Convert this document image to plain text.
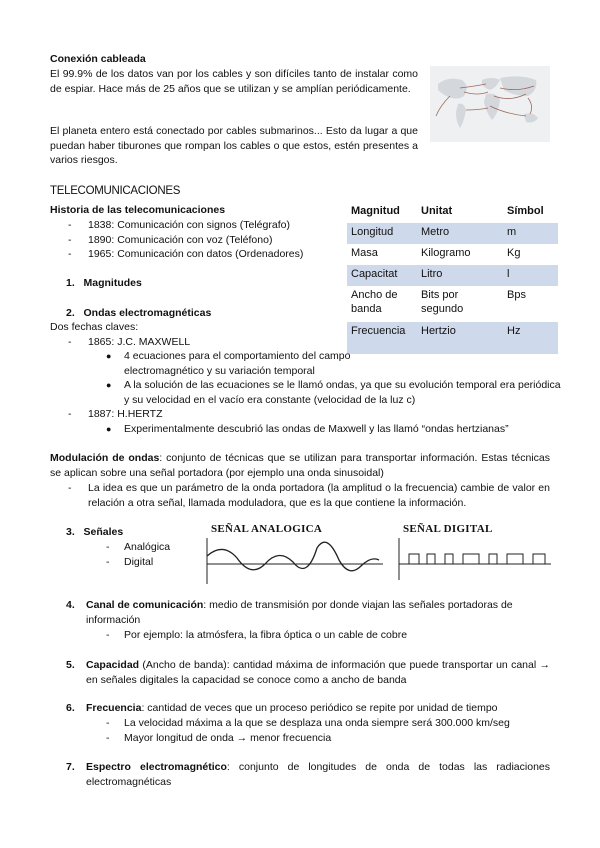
Conexión cableada
El 99.9% de los datos van por los cables y son difíciles tanto de instalar como de espiar. Hace más de 25 años que se utilizan y se amplían periódicamente.
El planeta entero está conectado por cables submarinos... Esto da lugar a que puedan haber tiburones que rompan los cables o que estos, estén presentes a varios riesgos.
TELECOMUNICACIONES
Historia de las telecomunicaciones
- 1838: Comunicación con signos (Telégrafo)
- 1890: Comunicación con voz (Teléfono)
- 1965: Comunicación con datos (Ordenadores)
1.   Magnitudes
Magnitud	Unitat	Símbol
Longitud	Metro	m
Masa	Kilogramo	Kg
Capacitat	Litro	l
Ancho de banda	Bits por segundo	Bps
Frecuencia	Hertzio	Hz
2.   Ondas electromagnéticas
Dos fechas claves:
- 1865: J.C. MAXWELL
● 4 ecuaciones para el comportamiento del campo electromagnético y su variación temporal
● A la solución de las ecuaciones se le llamó ondas, ya que su evolución temporal era periódica y su velocidad en el vacío era constante (velocidad de la luz c)
- 1887: H.HERTZ
● Experimentalmente descubrió las ondas de Maxwell y las llamó “ondas hertzianas”
Modulación de ondas: conjunto de técnicas que se utilizan para transportar información. Estas técnicas se aplican sobre una señal portadora (por ejemplo una onda sinusoidal)
- La idea es que un parámetro de la onda portadora (la amplitud o la frecuencia) cambie de valor en relación a otra señal, llamada moduladora, que es la que contiene la información.
3.   Señales
- Analógica
- Digital
SEÑAL ANALOGICA	SEÑAL DIGITAL
4. Canal de comunicación: medio de transmisión por donde viajan las señales portadoras de información
- Por ejemplo: la atmósfera, la fibra óptica o un cable de cobre
5. Capacidad (Ancho de banda): cantidad máxima de información que puede transportar un canal → en señales digitales la capacidad se conoce como a ancho de banda
6. Frecuencia: cantidad de veces que un proceso periódico se repite por unidad de tiempo
- La velocidad máxima a la que se desplaza una onda siempre será 300.000 km/seg
- Mayor longitud de onda → menor frecuencia
7. Espectro electromagnético: conjunto de longitudes de onda de todas las radiaciones electromagnéticas
